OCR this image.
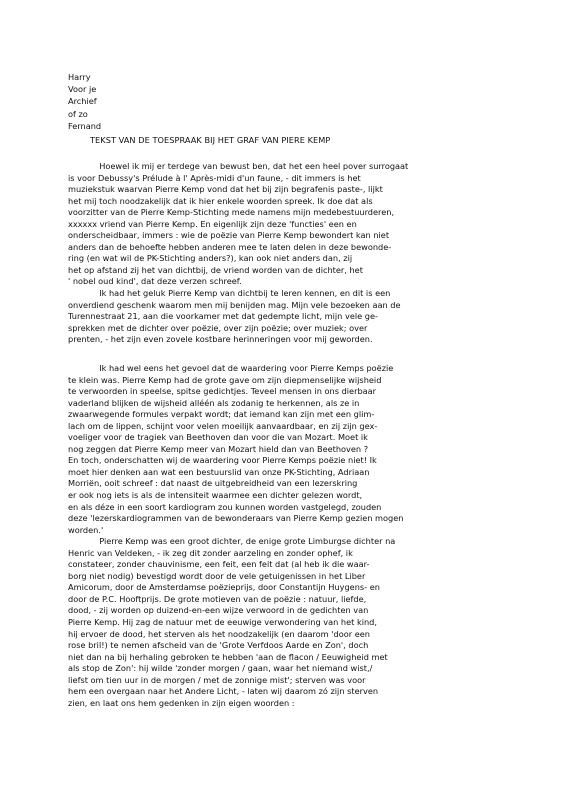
Harry
Voor je
Archief
of zo
Fernand
TEKST VAN DE TOESPRAAK BIJ HET GRAF VAN PIERE KEMP
Hoewel ik mij er terdege van bewust ben, dat het een heel pover surrogaat
is voor Debussy's Prélude à l' Après-midi d'un faune, - dit immers is het
muziekstuk waarvan Pierre Kemp vond dat het bij zijn begrafenis paste-, lijkt
het mij toch noodzakelijk dat ik hier enkele woorden spreek. Ik doe dat als
voorzitter van de Pierre Kemp-Stichting mede namens mijn medebestuurderen,
xxxxxx vriend van Pierre Kemp. En eigenlijk zijn deze 'functies' een en
onderscheidbaar, immers : wie de poëzie van Pierre Kemp bewondert kan niet
anders dan de behoefte hebben anderen mee te laten delen in deze bewonde-
ring (en wat wil de PK-Stichting anders?), kan ook niet anders dan, zij
het op afstand zij het van dichtbij, de vriend worden van de dichter, het
' nobel oud kind', dat deze verzen schreef.
Ik had het geluk Pierre Kemp van dichtbij te leren kennen, en dit is een
onverdiend geschenk waarom men mij benijden mag. Mijn vele bezoeken aan de
Turennestraat 21, aan die voorkamer met dat gedempte licht, mijn vele ge-
sprekken met de dichter over poëzie, over zijn poëzie; over muziek; over
prenten, - het zijn even zovele kostbare herinneringen voor mij geworden.
Ik had wel eens het gevoel dat de waardering voor Pierre Kemps poëzie
te klein was. Pierre Kemp had de grote gave om zijn diepmenselijke wijsheid
te verwoorden in speelse, spitse gedichtjes. Teveel mensen in ons dierbaar
vaderland blijken de wijsheid alléén als zodanig te herkennen, als ze in
zwaarwegende formules verpakt wordt; dat iemand kan zijn met een glim-
lach om de lippen, schijnt voor velen moeilijk aanvaardbaar, en zij zijn gex-
voeliger voor de tragiek van Beethoven dan voor die van Mozart. Moet ik
nog zeggen dat Pierre Kemp meer van Mozart hield dan van Beethoven ?
En toch, onderschatten wij de waardering voor Pierre Kemps poëzie niet! Ik
moet hier denken aan wat een bestuurslid van onze PK-Stichting, Adriaan
Morriën, ooit schreef : dat naast de uitgebreidheid van een lezerskring
er ook nog iets is als de intensiteit waarmee een dichter gelezen wordt,
en als déze in een soort kardiogram zou kunnen worden vastgelegd, zouden
deze 'lezerskardiogrammen van de bewonderaars van Pierre Kemp gezien mogen
worden.'
Pierre Kemp was een groot dichter, de enige grote Limburgse dichter na
Henric van Veldeken, - ik zeg dit zonder aarzeling en zonder ophef, ik
constateer, zonder chauvinisme, een feit, een feit dat (al heb ik die waar-
borg niet nodig) bevestigd wordt door de vele getuigenissen in het Liber
Amicorum, door de Amsterdamse poëzieprijs, door Constantijn Huygens- en
door de P.C. Hooftprijs. De grote motieven van de poëzie : natuur, liefde,
dood, - zij worden op duizend-en-een wijze verwoord in de gedichten van
Pierre Kemp. Hij zag de natuur met de eeuwige verwondering van het kind,
hij ervoer de dood, het sterven als het noodzakelijk (en daarom 'door een
rose bril!) te nemen afscheid van de 'Grote Verfdoos Aarde en Zon', doch
niet dan na bij herhaling gebroken te hebben 'aan de flacon / Eeuwigheid met
als stop de Zon': hij wilde 'zonder morgen / gaan, waar het niemand wist,/
liefst om tien uur in de morgen / met de zonnige mist'; sterven was voor
hem een overgaan naar het Andere Licht, - laten wij daarom zó zijn sterven
zien, en laat ons hem gedenken in zijn eigen woorden :
